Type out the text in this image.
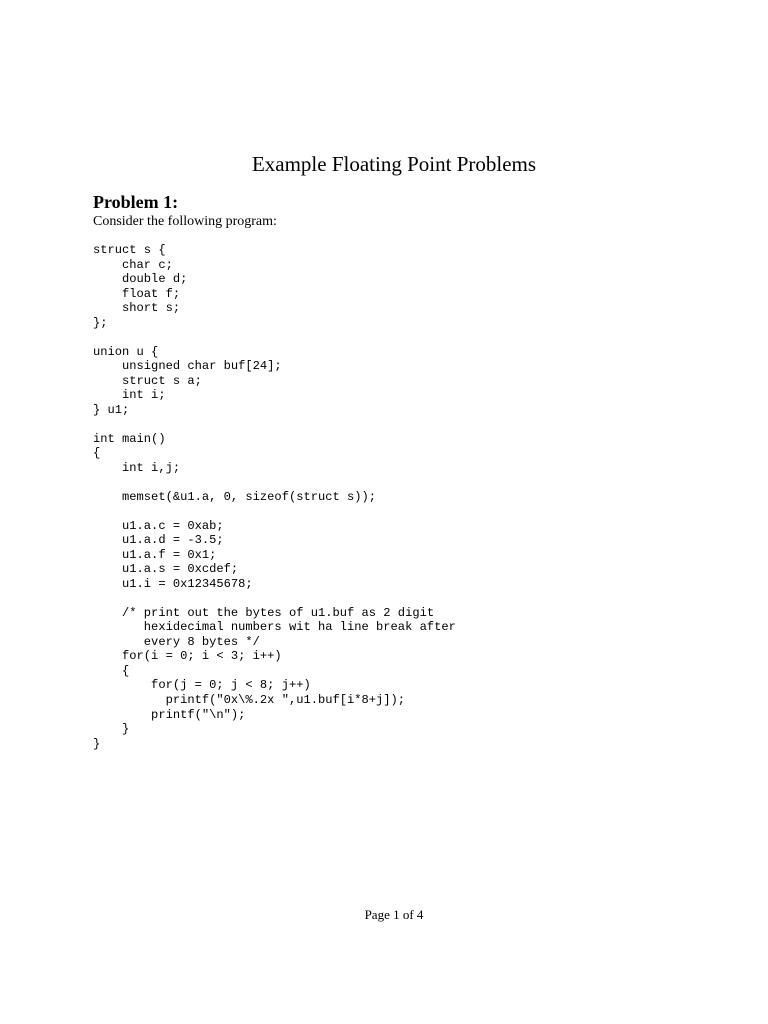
Example Floating Point Problems
Problem 1:

Consider the following program:

struct s {
char c;
double d;
float f;
short s;
};
union u {
unsigned char buf[24];
struct s a;
int i;
} u1;
int main()
{
int i,j;
memset(&u1.a, 0, sizeof(struct s));
u1.a.c = 0xab;
u1.a.d = -3.5;
u1.a.f = 0x1;
u1.a.s = 0xcdef;
u1.i = 0x12345678;
/* print out the bytes of u1.buf as 2 digit
hexidecimal numbers wit ha line break after
every 8 bytes */
for(i = 0; i < 3; i++)
{
for(j = 0; j < 8; j++)
printf("0x\%.2x ",u1.buf[i*8+j]);
printf("\n");
}
}

Page 1 of 4
